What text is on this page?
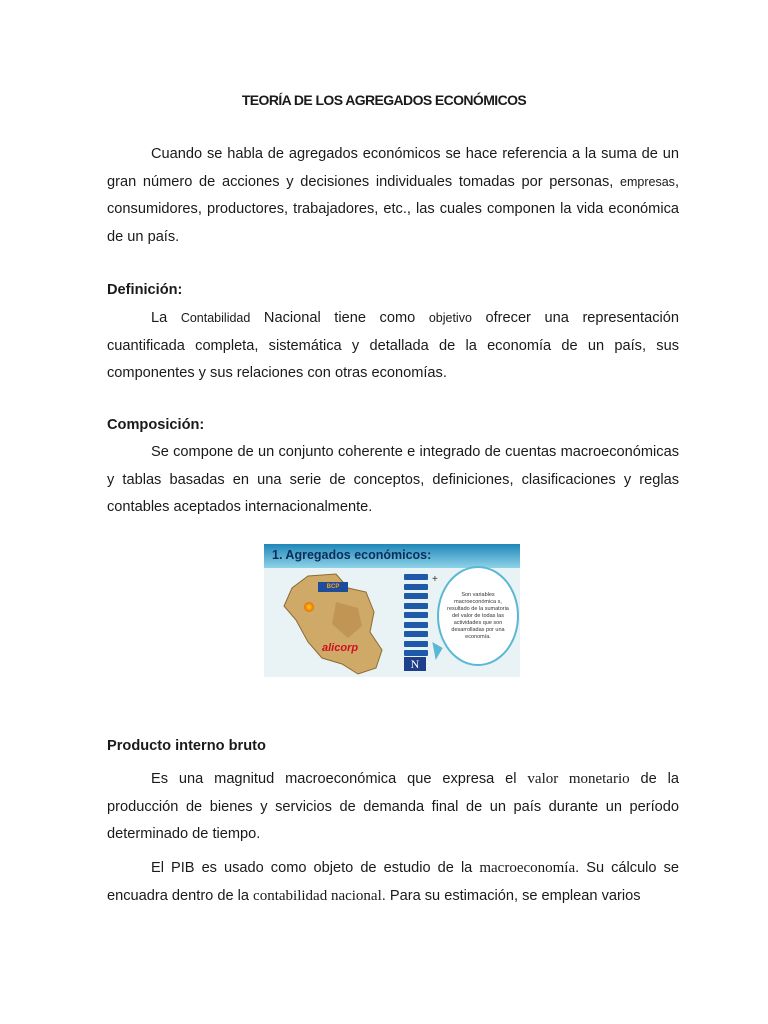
TEORÍA DE LOS AGREGADOS ECONÓMICOS

Cuando se habla de agregados económicos se hace referencia a la suma de un gran número de acciones y decisiones individuales tomadas por personas, empresas, consumidores, productores, trabajadores, etc., las cuales componen la vida económica de un país.

Definición:

La Contabilidad Nacional tiene como objetivo ofrecer una representación cuantificada completa, sistemática y detallada de la economía de un país, sus componentes y sus relaciones con otras economías.

Composición:

Se compone de un conjunto coherente e integrado de cuentas macroeconómicas y tablas basadas en una serie de conceptos, definiciones, clasificaciones y reglas contables aceptados internacionalmente.

1. Agregados económicos:
BCP
alicorp
+
N
Son variables macroeconómica s, resultado de la sumatoria del valor de todas las actividades que son desarrolladas por una economía.
Producto interno bruto

Es una magnitud macroeconómica que expresa el valor monetario de la producción de bienes y servicios de demanda final de un país durante un período determinado de tiempo.

El PIB es usado como objeto de estudio de la macroeconomía. Su cálculo se encuadra dentro de la contabilidad nacional. Para su estimación, se emplean varios
